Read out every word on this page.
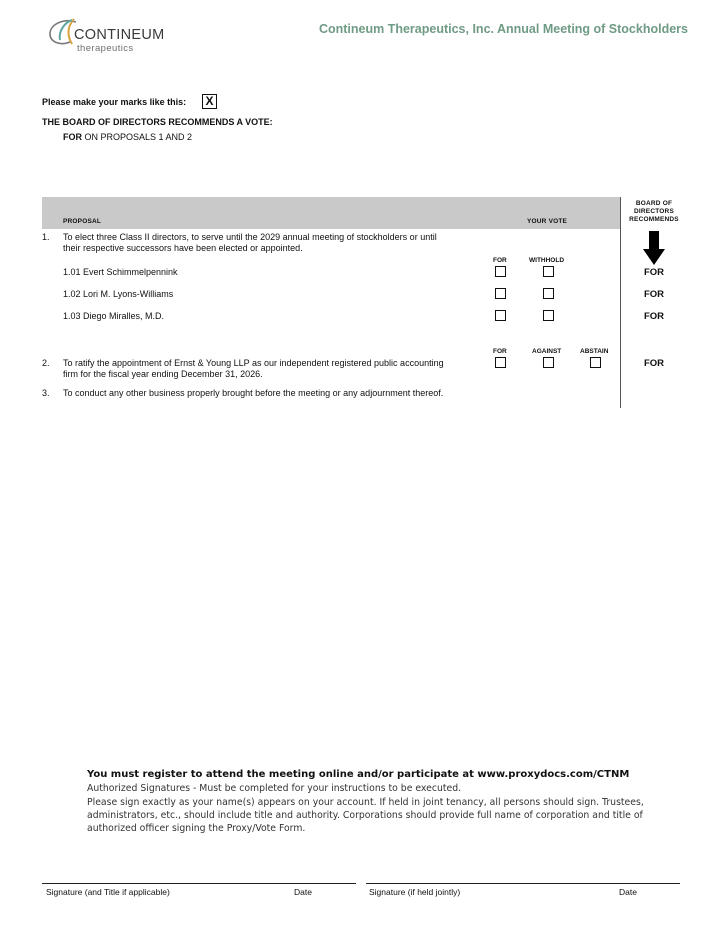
CONTINEUM
therapeutics
Contineum Therapeutics, Inc. Annual Meeting of Stockholders
Please make your marks like this: X
THE BOARD OF DIRECTORS RECOMMENDS A VOTE:
FOR ON PROPOSALS 1 AND 2
PROPOSAL	YOUR VOTE
BOARD OF DIRECTORS RECOMMENDS
1. To elect three Class II directors, to serve until the 2029 annual meeting of stockholders or until
their respective successors have been elected or appointed.
FOR	WITHHOLD
1.01 Evert Schimmelpennink	FOR
1.02 Lori M. Lyons-Williams	FOR
1.03 Diego Miralles, M.D.	FOR
FOR	AGAINST	ABSTAIN
2. To ratify the appointment of Ernst & Young LLP as our independent registered public accounting
firm for the fiscal year ending December 31, 2026.
FOR
3. To conduct any other business properly brought before the meeting or any adjournment thereof.
You must register to attend the meeting online and/or participate at www.proxydocs.com/CTNM
Authorized Signatures - Must be completed for your instructions to be executed.
Please sign exactly as your name(s) appears on your account. If held in joint tenancy, all persons should sign. Trustees,
administrators, etc., should include title and authority. Corporations should provide full name of corporation and title of
authorized officer signing the Proxy/Vote Form.
Signature (and Title if applicable)	Date	Signature (if held jointly)	Date
